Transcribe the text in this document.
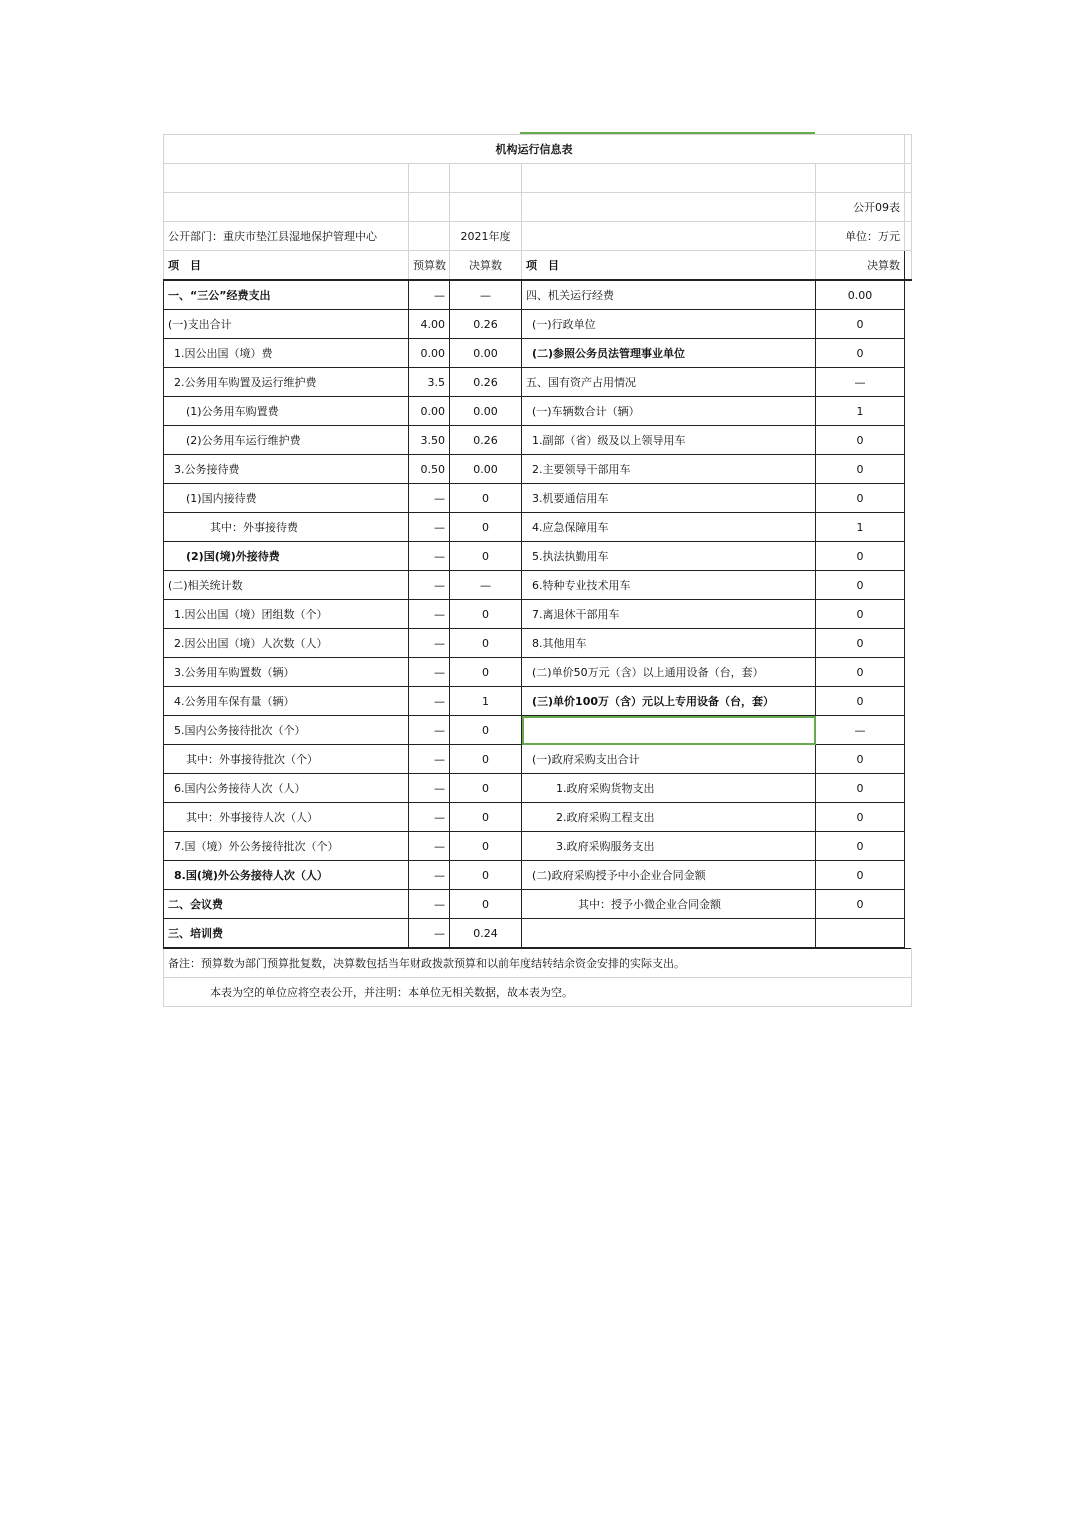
机构运行信息表					

				公开09表	
公开部门：重庆市垫江县湿地保护管理中心		2021年度		单位：万元	
项　目	预算数	决算数	项　目	决算数	
一、“三公”经费支出	—	—	四、机关运行经费	0.00	
(一)支出合计	4.00	0.26	(一)行政单位	0	
1.因公出国（境）费	0.00	0.00	(二)参照公务员法管理事业单位	0	
2.公务用车购置及运行维护费	3.5	0.26	五、国有资产占用情况	—	
(1)公务用车购置费	0.00	0.00	(一)车辆数合计（辆）	1	
(2)公务用车运行维护费	3.50	0.26	1.副部（省）级及以上领导用车	0	
3.公务接待费	0.50	0.00	2.主要领导干部用车	0	
(1)国内接待费	—	0	3.机要通信用车	0	
其中：外事接待费	—	0	4.应急保障用车	1	
(2)国(境)外接待费	—	0	5.执法执勤用车	0	
(二)相关统计数	—	—	6.特种专业技术用车	0	
1.因公出国（境）团组数（个）	—	0	7.离退休干部用车	0	
2.因公出国（境）人次数（人）	—	0	8.其他用车	0	
3.公务用车购置数（辆）	—	0	(二)单价50万元（含）以上通用设备（台，套）	0	
4.公务用车保有量（辆）	—	1	(三)单价100万（含）元以上专用设备（台，套）	0	
5.国内公务接待批次（个）	—	0		—	
其中：外事接待批次（个）	—	0	(一)政府采购支出合计	0	
6.国内公务接待人次（人）	—	0	1.政府采购货物支出	0	
其中：外事接待人次（人）	—	0	2.政府采购工程支出	0	
7.国（境）外公务接待批次（个）	—	0	3.政府采购服务支出	0	
8.国(境)外公务接待人次（人）	—	0	(二)政府采购授予中小企业合同金额	0	
二、会议费	—	0	其中：授予小微企业合同金额	0	
三、培训费	—	0.24			
备注：预算数为部门预算批复数，决算数包括当年财政拨款预算和以前年度结转结余资金安排的实际支出。
本表为空的单位应将空表公开，并注明：本单位无相关数据，故本表为空。
